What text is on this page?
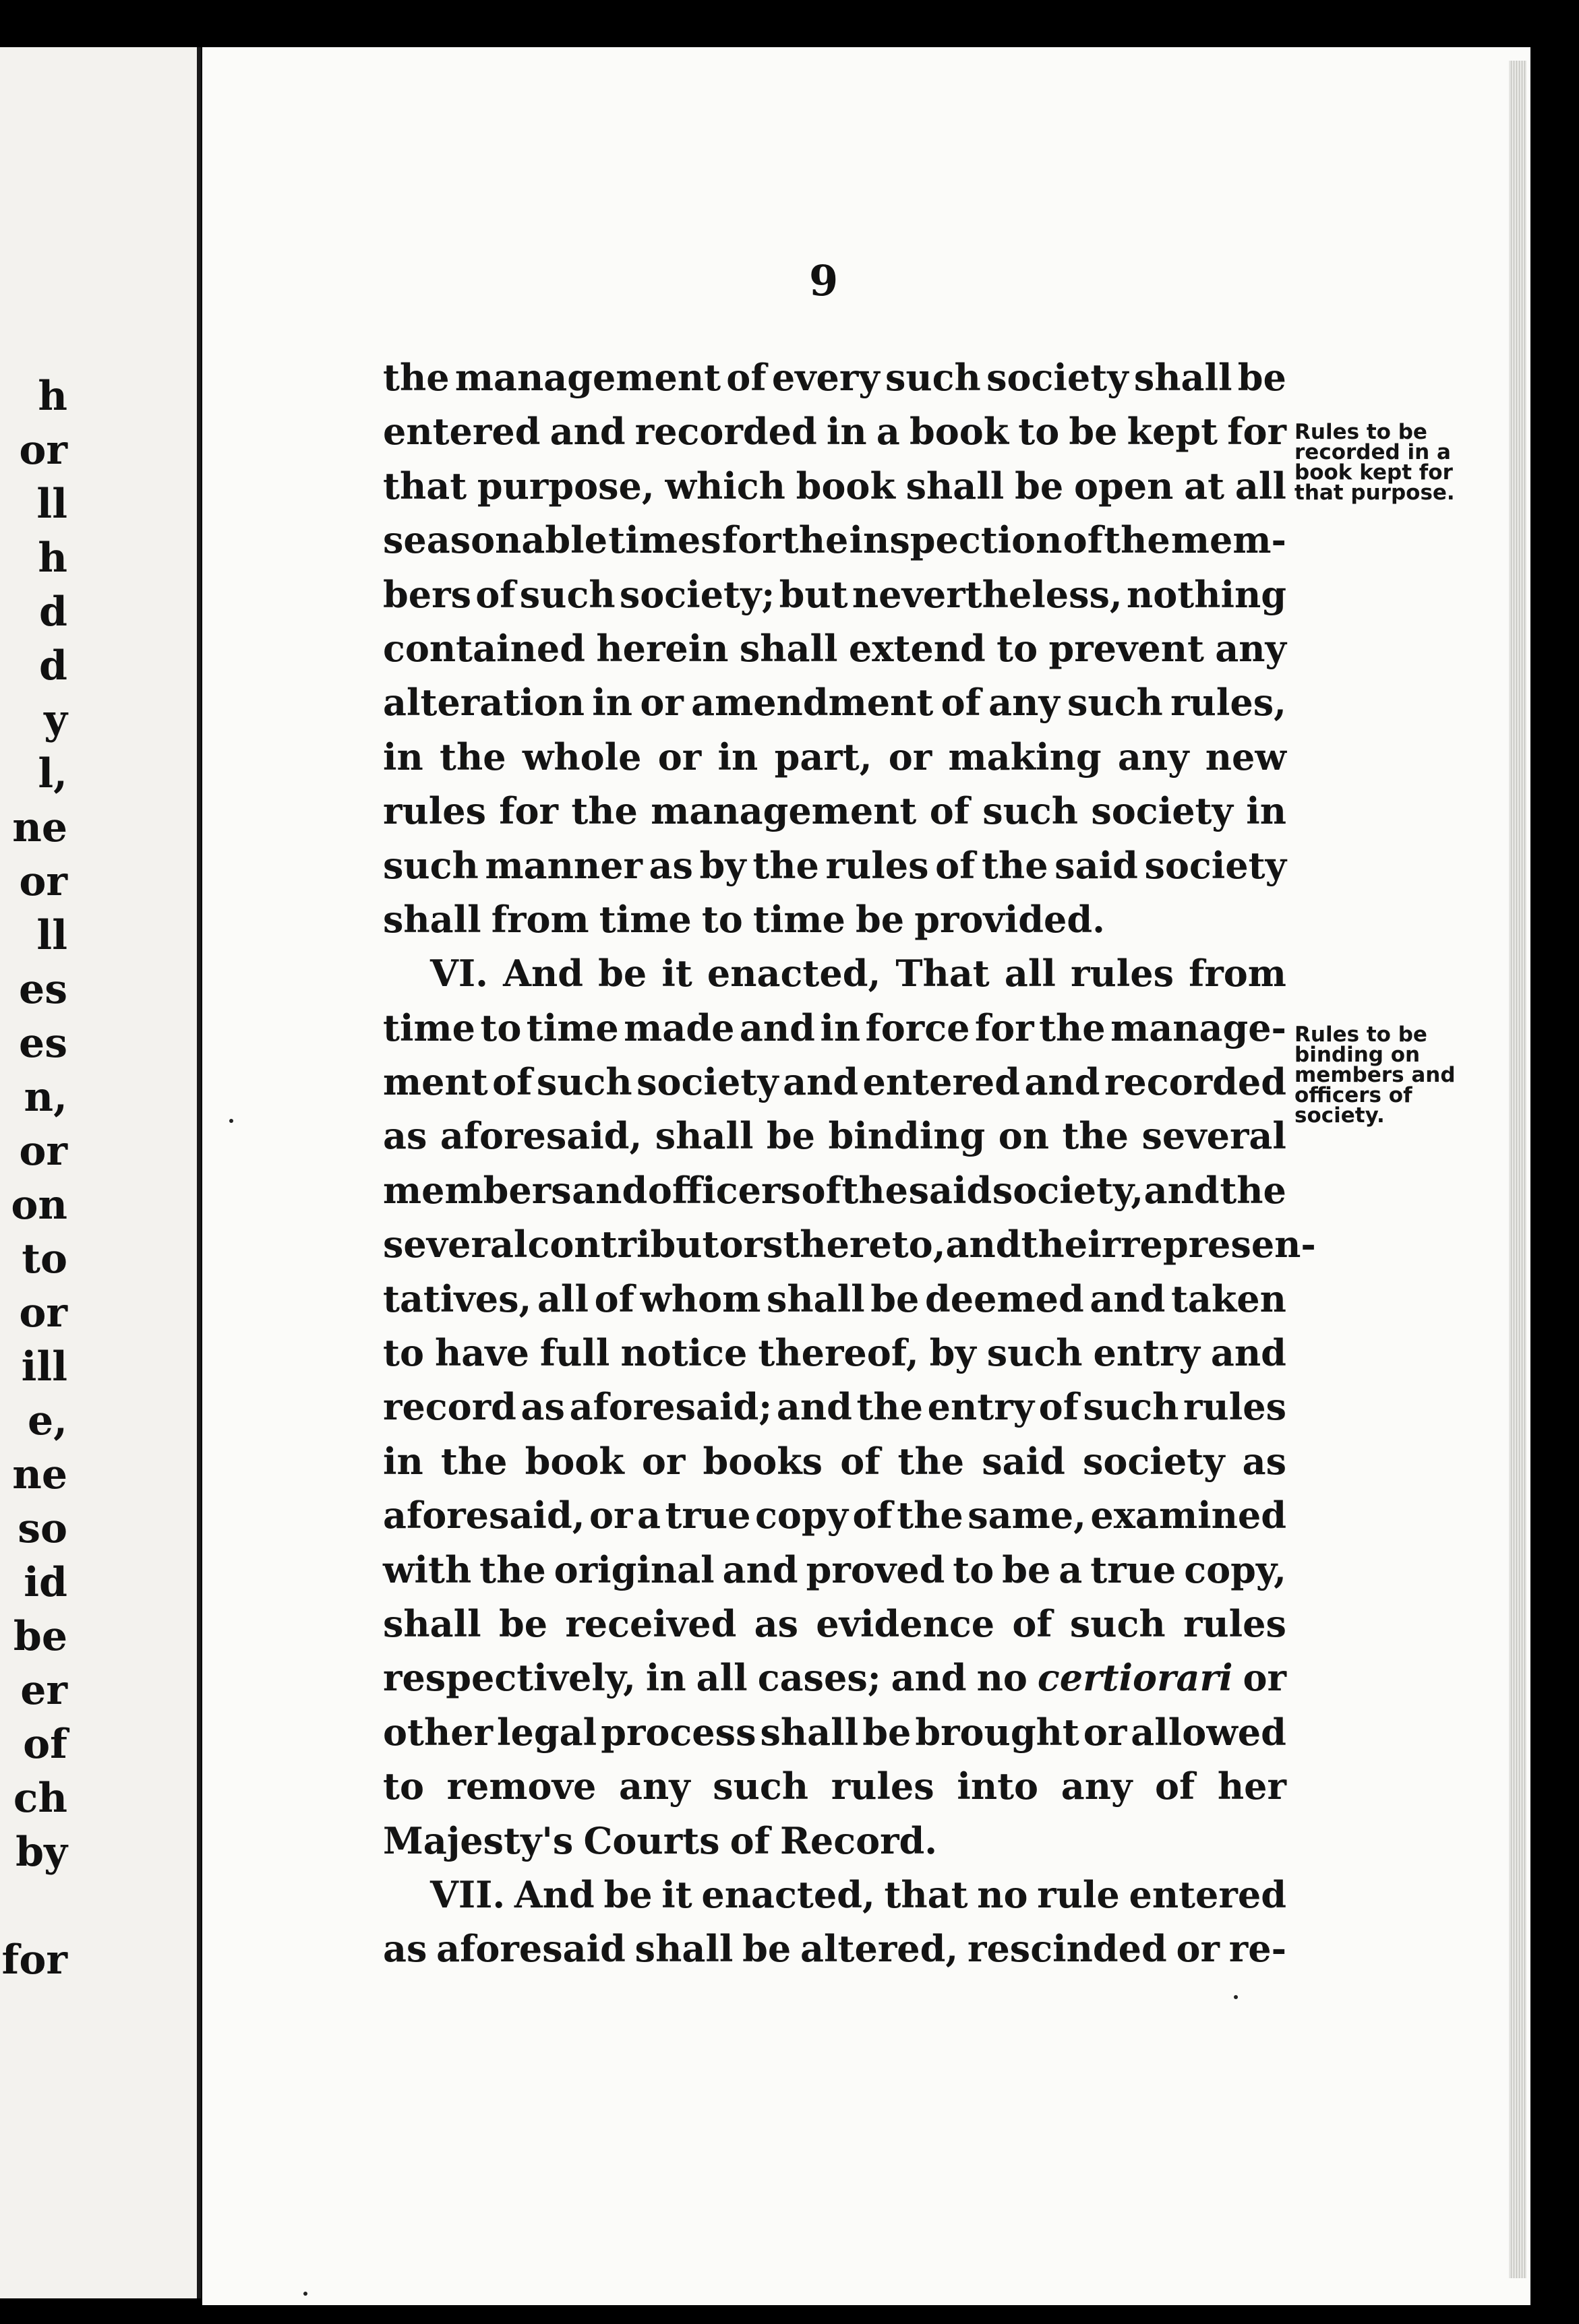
h
or
ll
h
d
d
y
l,
ne
or
ll
es
es
n,
or
on
to
or
ill
e,
ne
so
id
be
er
of
ch
by
for
9
the management of every such society shall be
entered and recorded in a book to be kept for
that purpose, which book shall be open at all
seasonable times for the inspection of the mem-
bers of such society; but nevertheless, nothing
contained herein shall extend to prevent any
alteration in or amendment of any such rules,
in the whole or in part, or making any new
rules for the management of such society in
such manner as by the rules of the said society
shall from time to time be provided.
VI. And be it enacted, That all rules from
time to time made and in force for the manage-
ment of such society and entered and recorded
as aforesaid, shall be binding on the several
members and officers of the said society, and the
several contributors thereto, and their represen-
tatives, all of whom shall be deemed and taken
to have full notice thereof, by such entry and
record as aforesaid; and the entry of such rules
in the book or books of the said society as
aforesaid, or a true copy of the same, examined
with the original and proved to be a true copy,
shall be received as evidence of such rules
respectively, in all cases; and no certiorari or
other legal process shall be brought or allowed
to remove any such rules into any of her
Majesty's Courts of Record.
VII. And be it enacted, that no rule entered
as aforesaid shall be altered, rescinded or re-
Rules to be
recorded in a
book kept for
that purpose.
Rules to be
binding on
members and
officers of
society.
